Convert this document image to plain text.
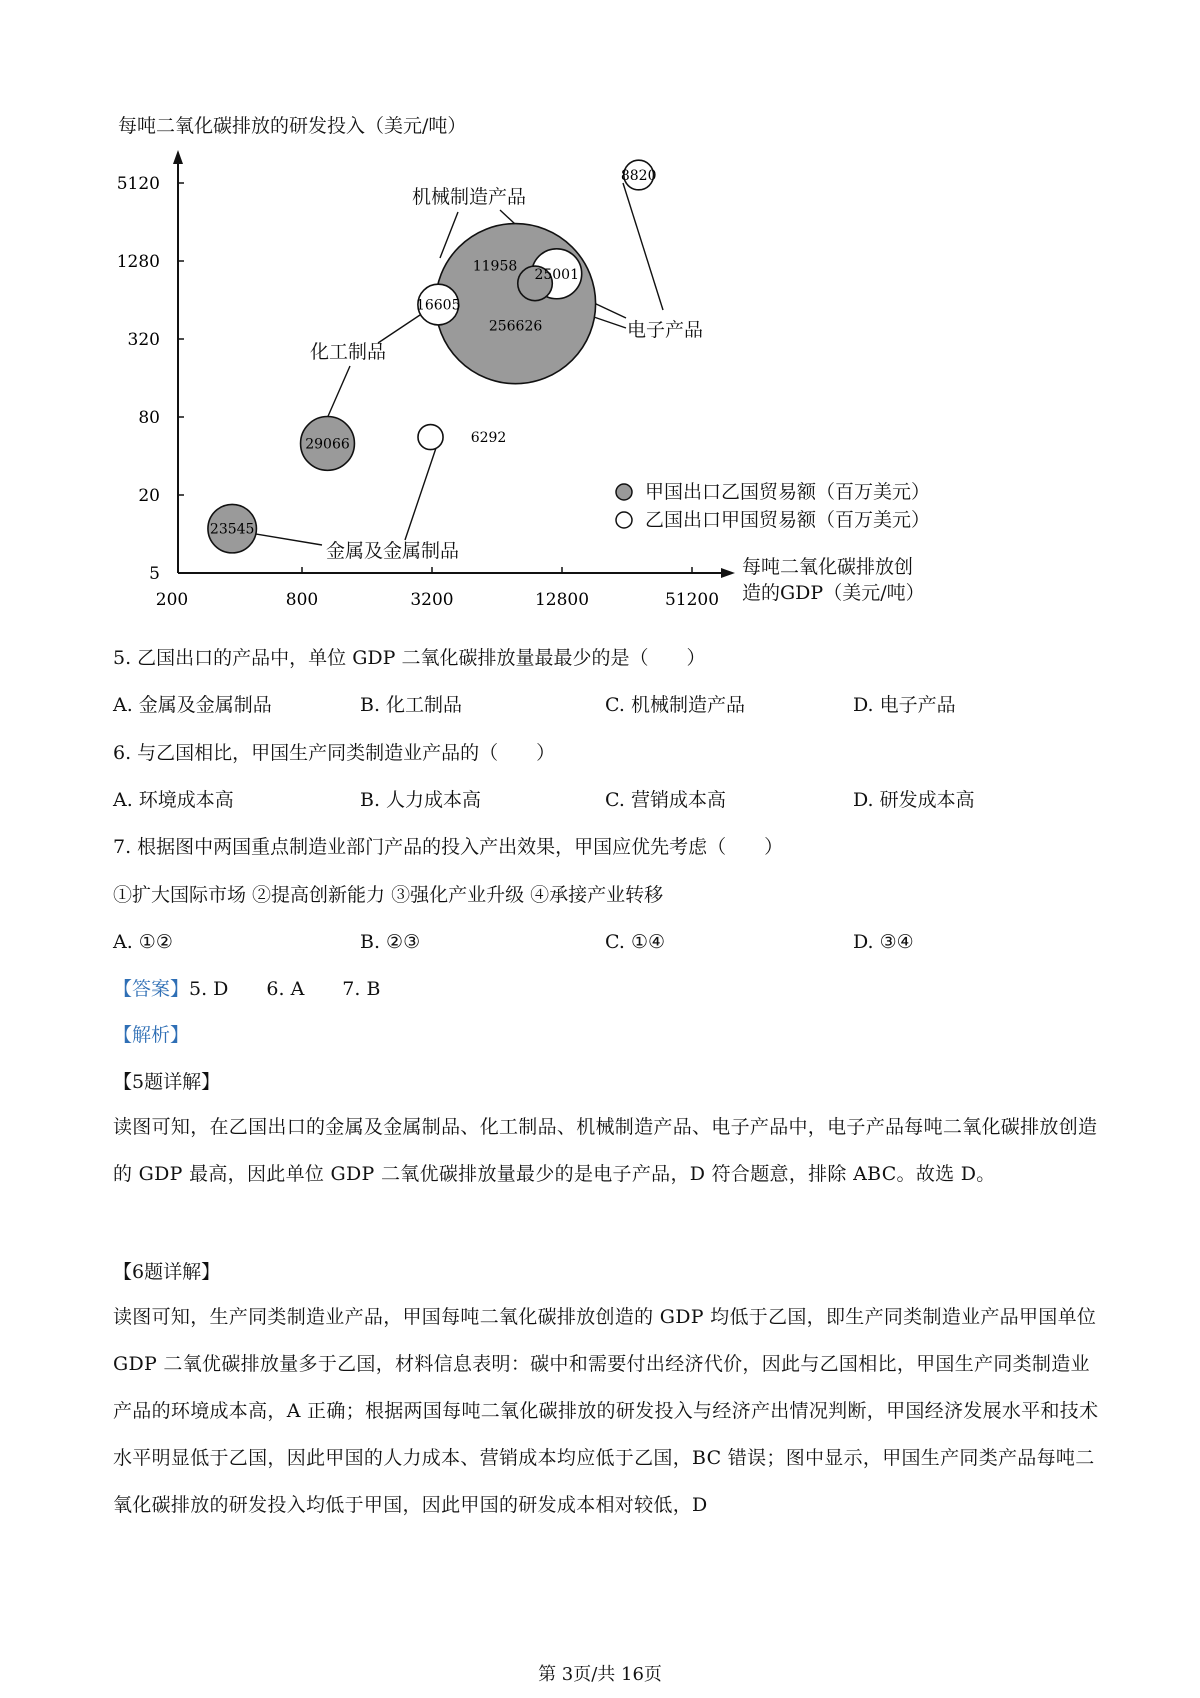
23545
29066
256626
11958
6292
16605
25001
8820
200	800	3200	12800	51200
5
20
80
320
1280
5120
每吨二氧化碳排放的研发投入（美元/吨）
每吨二氧化碳排放创
造的GDP（美元/吨）
机械制造产品
电子产品
化工制品
金属及金属制品
甲国出口乙国贸易额（百万美元）
乙国出口甲国贸易额（百万美元）
5. 乙国出口的产品中，单位 GDP 二氧化碳排放量最最少的是（　　）
A. 金属及金属制品	B. 化工制品	C. 机械制造产品	D. 电子产品
6. 与乙国相比，甲国生产同类制造业产品的（　　）
A. 环境成本高	B. 人力成本高	C. 营销成本高	D. 研发成本高
7. 根据图中两国重点制造业部门产品的投入产出效果，甲国应优先考虑（　　）
①扩大国际市场 ②提高创新能力 ③强化产业升级 ④承接产业转移
A. ①②	B. ②③	C. ①④	D. ③④
【答案】5. D　　6. A　　7. B
【解析】
【5题详解】
读图可知，在乙国出口的金属及金属制品、化工制品、机械制造产品、电子产品中，电子产品每吨二氧化碳排放创造的 GDP 最高，因此单位 GDP 二氧优碳排放量最少的是电子产品，D 符合题意，排除 ABC。故选 D。
【6题详解】
读图可知，生产同类制造业产品，甲国每吨二氧化碳排放创造的 GDP 均低于乙国，即生产同类制造业产品甲国单位 GDP 二氧优碳排放量多于乙国，材料信息表明：碳中和需要付出经济代价，因此与乙国相比，甲国生产同类制造业产品的环境成本高，A 正确；根据两国每吨二氧化碳排放的研发投入与经济产出情况判断，甲国经济发展水平和技术水平明显低于乙国，因此甲国的人力成本、营销成本均应低于乙国，BC 错误；图中显示，甲国生产同类产品每吨二氧化碳排放的研发投入均低于甲国，因此甲国的研发成本相对较低，D
第 3页/共 16页
